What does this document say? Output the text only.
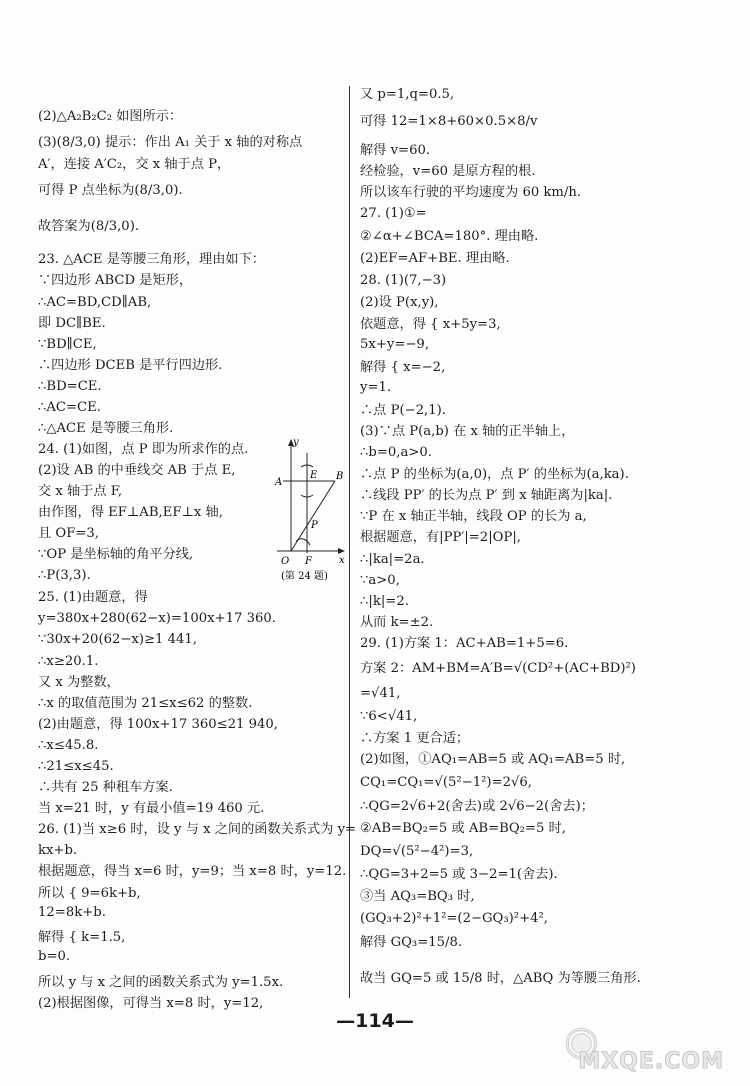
(2)△A₂B₂C₂ 如图所示：
(3)(8/3,0) 提示：作出 A₁ 关于 x 轴的对称点
A′，连接 A′C₂，交 x 轴于点 P，
可得 P 点坐标为(8/3,0).
故答案为(8/3,0).
23. △ACE 是等腰三角形，理由如下：
∵四边形 ABCD 是矩形，
∴AC=BD,CD∥AB,
即 DC∥BE.
∵BD∥CE,
∴四边形 DCEB 是平行四边形.
∴BD=CE.
∴AC=CE.
∴△ACE 是等腰三角形.
24. (1)如图，点 P 即为所求作的点.
(2)设 AB 的中垂线交 AB 于点 E,
交 x 轴于点 F,
由作图，得 EF⊥AB,EF⊥x 轴,
且 OF=3,
∵OP 是坐标轴的角平分线,
∴P(3,3).
25. (1)由题意，得
y=380x+280(62−x)=100x+17 360.
∵30x+20(62−x)≥1 441,
∴x≥20.1.
又 x 为整数，
∴x 的取值范围为 21≤x≤62 的整数.
(2)由题意，得 100x+17 360≤21 940,
∴x≤45.8.
∴21≤x≤45.
∴共有 25 种租车方案.
当 x=21 时，y 有最小值=19 460 元.
26. (1)当 x≥6 时，设 y 与 x 之间的函数关系式为 y=
kx+b.
根据题意，得当 x=6 时，y=9；当 x=8 时，y=12.
所以 { 9=6k+b,
12=8k+b.
解得 { k=1.5,
b=0.
所以 y 与 x 之间的函数关系式为 y=1.5x.
(2)根据图像，可得当 x=8 时，y=12,
又 p=1,q=0.5,
可得 12=1×8+60×0.5×8/v
解得 v=60.
经检验，v=60 是原方程的根.
所以该车行驶的平均速度为 60 km/h.
27. (1)①=
②∠α+∠BCA=180°. 理由略.
(2)EF=AF+BE. 理由略.
28. (1)(7,−3)
(2)设 P(x,y),
依题意，得 { x+5y=3,
5x+y=−9,
解得 { x=−2,
y=1.
∴点 P(−2,1).
(3)∵点 P(a,b) 在 x 轴的正半轴上，
∴b=0,a>0.
∴点 P 的坐标为(a,0)，点 P′ 的坐标为(a,ka).
∴线段 PP′ 的长为点 P′ 到 x 轴距离为|ka|.
∵P 在 x 轴正半轴，线段 OP 的长为 a,
根据题意，有|PP′|=2|OP|,
∴|ka|=2a.
∵a>0,
∴|k|=2.
从而 k=±2.
29. (1)方案 1：AC+AB=1+5=6.
方案 2：AM+BM=A′B=√(CD²+(AC+BD)²)
=√41,
∵6<√41,
∴方案 1 更合适；
(2)如图，①AQ₁=AB=5 或 AQ₁=AB=5 时,
CQ₁=CQ₁=√(5²−1²)=2√6,
∴QG=2√6+2(舍去)或 2√6−2(舍去)；
②AB=BQ₂=5 或 AB=BQ₂=5 时,
DQ=√(5²−4²)=3,
∴QG=3+2=5 或 3−2=1(舍去).
③当 AQ₃=BQ₃ 时,
(GQ₃+2)²+1²=(2−GQ₃)²+4²,
解得 GQ₃=15/8.
故当 GQ=5 或 15/8 时，△ABQ 为等腰三角形.
y
x
O F
A
E B
P
(第 24 题)
—114—	◉
MXQE.COM
